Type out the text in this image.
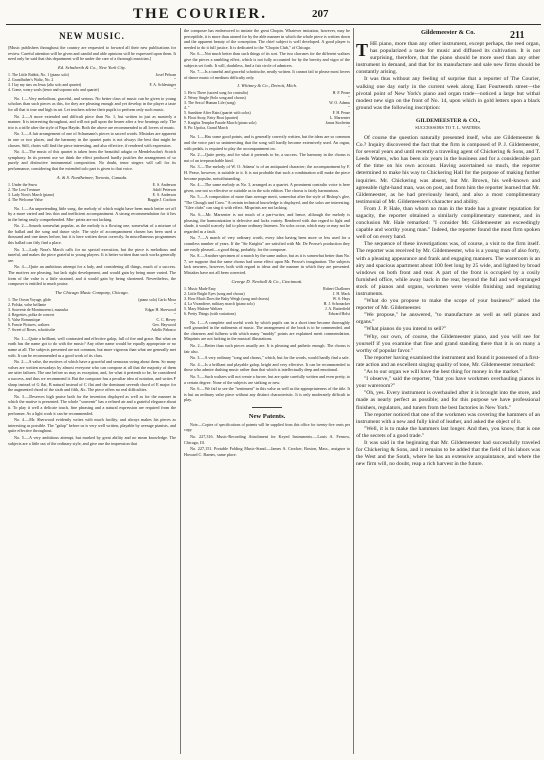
THE COURIER.	207
211
NEW MUSIC.

[Music publishers throughout the country are requested to forward all their new publications for review. Careful attention will be given and candid and able opinions will be expressed upon them. It need only be said that this department will be under the care of a thorough musician.]

Ed. Schuberth & Co., New York City.
1. The Little Rabbit, No. 1 (piano solo)	Josef Pehcan
2. Grandfather's Waltz, No. 2	"
3. I lay my sins on Jesus (alto solo and quartet)	F. A. Schlesinger
4. Come, weary souls (tenor and soprano solo and quartet)	"

No. 1.—Very melodious, graceful, and serious. No better class of music can be given to young scholars than such pieces as this, for they are pleasing enough and yet develop in the player a taste for all that is true and high in art. Let teachers advise their pupils to perform only such music.

No. 2.—A more extended and difficult piece than No. 1, but written in just as masterly a manner. It is interesting throughout, and will not pall upon the hearer after a few hearings only. The trio is a trifle after the style of Papa Haydn. Both the above are recommended to all lovers of music.

No. 3.—A fair arrangement of one of Schumann's pieces to sacred words. Mistakes are apparent in one or two places, and the harmony in the quartet parts is not always the best that might be chosen. Still, choirs will find the piece interesting, and also effective, if rendered with expression.

No. 4.—The music of this quartet is taken from the beautiful adagio or Mendelssohn's Scotch symphony. In its present use we think the effect produced hardly justifies the arrangement of so purely and distinctive instrumental composition. No doubt, tenor singers will call for its performance, considering that the extended solo part is given to that voice.

A. & S. Nordheimer, Toronto, Canada.
1. Under the Snow	E. S. Anderson
2. The Lost Treasure	Adolf Peterson
3. Lady Nora's March (piano)	E. S. Anderson
4. The Welcome Valse	Baggie J. Coolson

No. 1.—An unpretending little song, the melody of which might have been much better set off by a more varied and less thin and inefficient accompaniment. A strong recommendation for it lies in the being easily comprehended. Min- prints are not lacking.

No. 2.—Sounds somewhat popular, as the melody is a flowing one, somewhat of a mixture of the ballad and the song and dance style. The style of accompaniment chosen has been used a thousand and one times before, but it is here written down correctly. In miscellaneous programmes this ballad can fitly find a place.

No. 3.—Lady Nora's March calls for no special execution, but the piece is melodious and tuneful, and makes the piece grateful to young players. It is better written than such works generally are.

No. 4.—Quite an ambitious attempt for a lady, and considering all things, much of a success. The motives are pleasing, but lack right development, and would gain by being more varied. The form of the valse is a little strained, and it would gain by being shortened. Nevertheless, the composer is entitled to much praise.

The Chicago Music Company, Chicago.
1. The Ocean Voyage, glide	(piano solo) Carlo Mora
2. Polska, valse brillante	"
3. Souvenir de Montmorenci, mazurka	Edgar H. Sherwood
4. Regrettes, polka de concert	"
5. Valse Romantique	C. C. Hovey
6. Fancie Pictures, waltzes	Geo. Haywood
7. Sweet of Roses, schottische	Adolfo Pabasco

No. 1.—Quite a brilliant, well contrasted and effective galop, full of fire and grace. But what on earth has the name got to do with the music? Any other name would be equally appropriate or no name at all. The subjects presented are not common, but more vigorous than what are generally met with. It can be recommended as a good work of its class.

No. 2.—A valse, the motives of which have a graceful and sensuous swing about them. So many valses are written nowadays by almost everyone who can compose at all that the majority of them are utter failures. The one before us may as exception, and, for what it pretends to be, be considered a success, and thus we recommend it. But the composer has a peculiar idea of notation, and writes F sharp instead of G flat, B natural instead of C flat and the dominant seventh chord of E major for the augmented chord of the sixth and fifth, &c. The piece offers no real difficulties.

No. 3.—Deserves high praise both for the invention displayed as well as for the manner in which the motive is presented. The whole "souvenir" has a refined air and a grateful elegance about it. To play it well a delicate touch, fine phrasing and a natural expression are required from the performer. As a light work it can be recommended.

No. 4.—Mr. Sherwood evidently writes with much facility, and always makes his pieces as interesting as possible. The "galop" before us is very well written, playable by average pianists, and quite effective throughout.

No. 5.—A very ambitious attempt, but marked by great ability and no mean knowledge. The subjects are a little out of the ordinary style, and give one the impression that

the composer has endeavored to imitate the great Chopin. Whatever imitation, however, may be perceptible, it is more than atoned for by the able manner in which the whole piece is written down and the apparent beauty of the conception. The chief subject is well developed. A good player is needed to do it full justice. It is dedicated to the "Chopin Club," of Chicago.

No. 6.—Not much better than such things of its sort. The two choruses for the different waltzes give the pieces a rambling effect, which is not fully accounted for by the brevity and vigor of the subjects set forth. It will, doubtless, find a fair circle of admirers.

No. 7.—Is a tuneful and graceful schottische, neatly written. It cannot fail to please most lovers of dance music of medium difficulty only.

J. Whitney & Co., Detroit, Mich.
1. He is There (sacred song for contralto)	H. F. Pease
2. Weary Single (Solo song and chorus)	"
3. The Sea of Human Life (song)	W. O. Adams
4. "	"
5. Sunshine After Rain (quartet with solos)	F. H. Pease
6. Float Away, Fairy Boat (quartet)	L. Marsenter
7. Knights Templar Parade March (piano solo)	Janus Stocheim
8. Pic Upolca, Grand March	"

No. 1.—Has some good points, and is generally correctly written, but the ideas are so common and the voice part so uninteresting that the song will hardly become extensively used. An organ, with pedals, is required to play the accompaniment on.

No. 2.—Quite pretty, and for what it pretends to be, a success. The harmony in the chorus is not of an irreproachable kind.

No. 3.—The melody of W. O. Adams' is of an antiquated character; the accompaniment by F. H. Pease, however, is suitable to it. It is not probable that such a combination will make the piece become popular, notwithstanding.

No. 4.—The same melody as No. 3, arranged as a quartet. A prominent contralto voice is here given, one not so effective or suitable as in the solo edition. The chorus is fairly harmonious.

No. 5.—A composition of more than average merit, somewhat after the style of Bishop's glee, "The Chough and Crow." A certain technical knowledge is displayed, and the solos are interesting. "Glee clubs" can sing it with effect. Misprints are not lacking.

No. 6.—Mr. Marsenter is not much of a part-writer, and hence, although the melody is pleasing, the harmonization is defective and lacks variety. Rendered with due regard to light and shade, it would scarcely fail to please ordinary listeners. No solos occur, which may or may not be regarded as a fault.

No. 7.—A march of very ordinary worth, every idea having been more or less used for a countless number of years. If the "Sir Knights" are satisfied with Mr. De Prosse's production they are easily pleased—a good thing, probably, for the composer.

No. 8.—Another specimen of a march by the same author, but as it is somewhat better than No. 7, we suppose that the same chorus had some effect upon Mr. Prosse's imagination. The subjects lack newness, however, both with regard to ideas and the manner in which they are presented. Mistakes have not all been corrected.

George D. Newhall & Co., Cincinnati.
1. Music Made Easy	Robert Challoner
2. Little Bright Eyes (song and chorus)	J. H. Mack
3. How Much Does the Baby Weigh (song and chorus)	W. S. Hays
4. La Vivandiere, military march (piano solo)	H. J. Schonacker
5. Mary Malone Waltzes	J. A. Butterfield
6. Pretty Things (with variations)	Edward Holst

No. 1.—A complete and useful work by which pupils can in a short time become thoroughly well grounded in the rudiments of music. The arrangement of the book is to be commended, and the clearness and fullness with which many "muddy" points are explained merit commendation. Misprints are not lacking in the musical illustrations.

No. 2.—Better than such pieces usually are. It is pleasing and pathetic enough. The chorus is fair also.

No. 3.—A very ordinary "song and chorus," which, but for the words, would hardly find a sale.

No. 4.—Is a brilliant and playable galop, bright and very effective. It can be recommended to those who admire dashing music rather than that which is intellectually deep and emotional.

No. 5.—Such waltzes will not create a furore, but are quite carefully written and even pretty, to a certain degree. None of the subjects are striking or new.

No. 6.—We fail to see the "sentiment" in this valse as well as the appropriateness of the title. It is but an ordinary valse piece without any distinct characteristic. It is only moderately difficult to play.

New Patents.

Note.—Copies of specifications of patents will be supplied from this office for twenty-five cents per copy.

No. 227,316. Music-Recording Attachment for Keyed Instruments.—Louis A. Fernow, Chicago, Ill.

No. 227,151. Portable Folding Music-Stand.—James A. Crocker, Boston, Mass., assignor to Howard C. Barnes, same place.

Gildemeester & Co.

THE piano, more than any other instrument, except perhaps, the reed organ, has popularized a taste for music and diffused its cultivation. It is not surprising, therefore, that the piano should be more used than any other instrument in demand, and that for its manufacture and sale new firms should be constantly arising.

It was thus without any feeling of surprise that a reporter of The Courier, walking one day early in the current week along East Fourteenth street—the pivotal point of New York's piano and organ trade—noticed a large but withal modest new sign on the front of No. 14, upon which in gold letters upon a black ground was the following inscription:

GILDEMEESTER & CO.,
SUCCESSORS TO T. L. WATERS.

Of course the question naturally presented itself, who are Gildemeester & Co.? Inquiry discovered the fact that the firm is composed of P. J. Gildemeester, for several years and until recently a traveling agent of Chickering & Sons, and T. Leeds Waters, who has been six years in the business and for a considerable part of the time on his own account. Having ascertained so much, the reporter determined to make his way to Chickering Hall for the purpose of making further inquiries. Mr. Chickering was absent, but Mr. Brown, his well-known and agreeable right-hand man, was on post, and from him the reporter learned that Mr. Gildemeester, as he had previously heard, and also a most complimentary testimonial of Mr. Gildemeester's character and ability.

From J. P. Hale, than whom no man in the trade has a greater reputation for sagacity, the reporter obtained a similarly complimentary statement, and in conclusion Mr. Hale remarked: "I consider Mr. Gildemeester an exceedingly capable and worthy young man." Indeed, the reporter found the most firm spoken well of on every hand.

The sequence of these investigations was, of course, a visit to the firm itself. The reporter was received by Mr. Gildemeester, who is a young man of also forty, with a pleasing appearance and frank and engaging manners. The wareroom is an airy and spacious apartment about 100 feet long by 25 wide, and lighted by broad windows on both front and rear. A part of the front is occupied by a cosily furnished office, while away back in the rear, beyond the full and well-arranged stock of pianos and organs, workmen were visible finishing and regulating instruments.

"What do you propose to make the scope of your business?" asked the reporter of Mr. Gildemeester.

"We propose," he answered, "to manufacture as well as sell pianos and organs."

"What pianos do you intend to sell?"

"Why, our own, of course, the Gildemeester piano, and you will see for yourself if you examine that fine and grand standing there that it is on many a worthy of popular favor."

The reporter having examined the instrument and found it possessed of a first-rate action and an excellent singing quality of tone, Mr. Gildemeester remarked:

"As to our organ we will have the best thing for money in the market."

"I observe," said the reporter, "that you have workmen overhauling pianos in your wareroom?"

"Oh, yes. Every instrument is overhauled after it is brought into the store, and made as nearly perfect as possible; and for this purpose we have professional finishers, regulators, and tuners from the best factories in New York."

The reporter noticed that one of the workmen was covering the hammers of an instrument with a new and fully kind of leather, and asked the object of it.

"Well, it is to make the hammers last longer. And then, you know, that is one of the secrets of a good trade."

It was said in the beginning that Mr. Gildemeester had successfully traveled for Chickering & Sons, and it remains to be added that the field of his labors was the West and the South, where he has an extensive acquaintance, and where the new firm will, no doubt, reap a rich harvest in the future.
